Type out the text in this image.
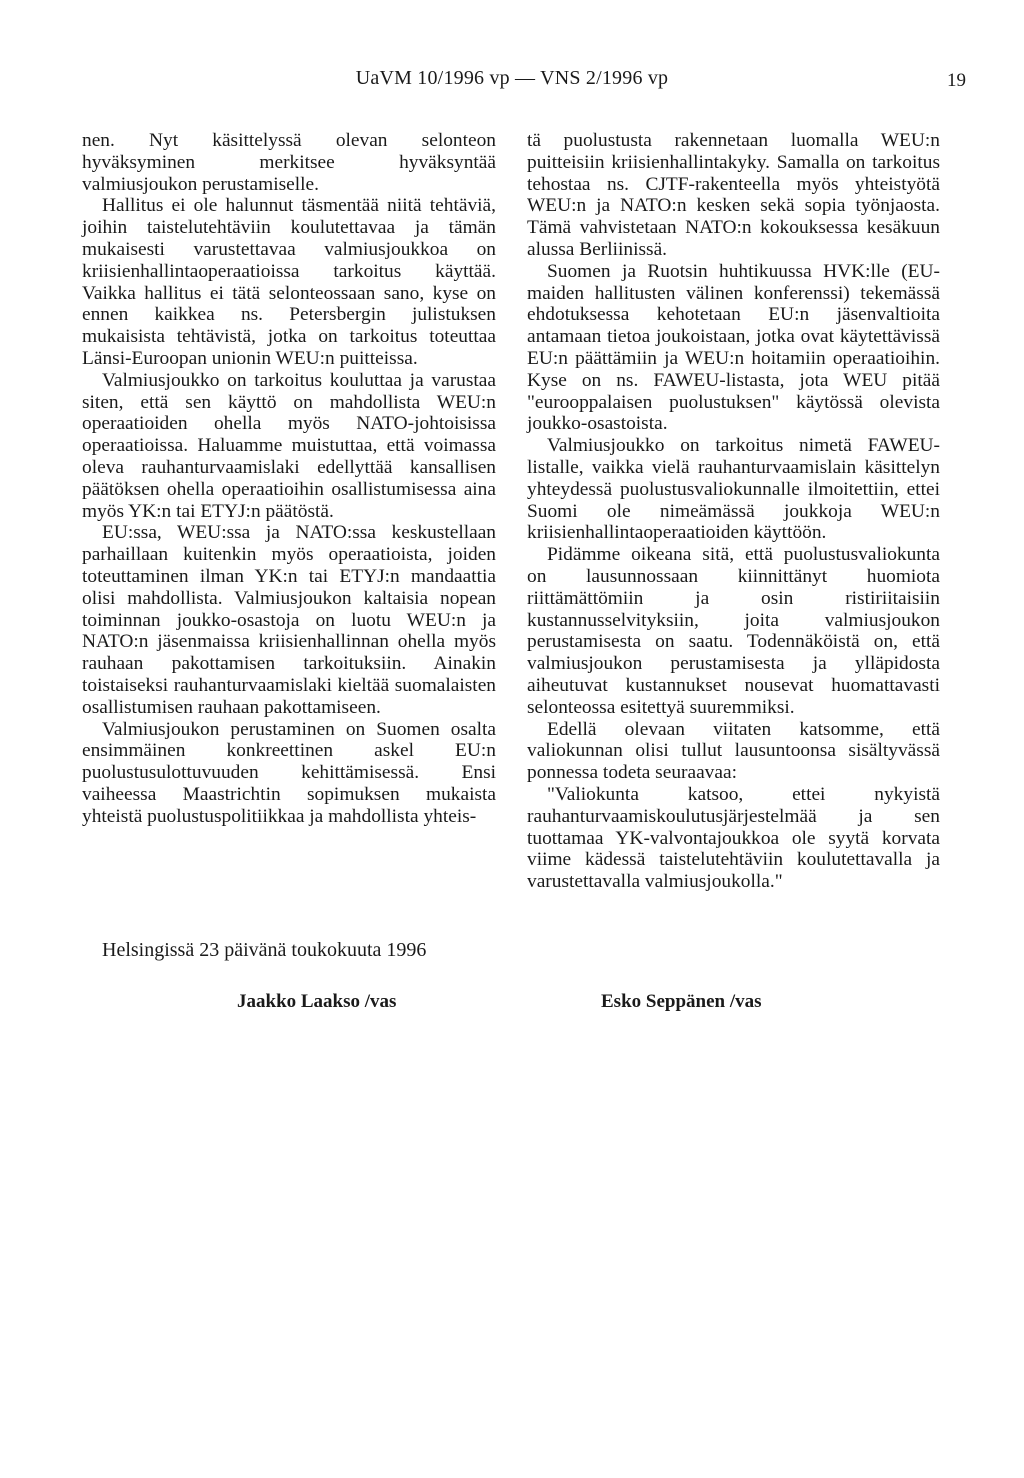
UaVM 10/1996 vp — VNS 2/1996 vp	19

nen. Nyt käsittelyssä olevan selonteon hyväksyminen merkitsee hyväksyntää valmiusjoukon perustamiselle.

Hallitus ei ole halunnut täsmentää niitä tehtäviä, joihin taistelutehtäviin koulutettavaa ja tämän mukaisesti varustettavaa valmiusjoukkoa on kriisienhallintaoperaatioissa tarkoitus käyttää. Vaikka hallitus ei tätä selonteossaan sano, kyse on ennen kaikkea ns. Petersbergin julistuksen mukaisista tehtävistä, jotka on tarkoitus toteuttaa Länsi-Euroopan unionin WEU:n puitteissa.

Valmiusjoukko on tarkoitus kouluttaa ja varustaa siten, että sen käyttö on mahdollista WEU:n operaatioiden ohella myös NATO-johtoisissa operaatioissa. Haluamme muistuttaa, että voimassa oleva rauhanturvaamislaki edellyttää kansallisen päätöksen ohella operaatioihin osallistumisessa aina myös YK:n tai ETYJ:n päätöstä.

EU:ssa, WEU:ssa ja NATO:ssa keskustellaan parhaillaan kuitenkin myös operaatioista, joiden toteuttaminen ilman YK:n tai ETYJ:n mandaattia olisi mahdollista. Valmiusjoukon kaltaisia nopean toiminnan joukko-osastoja on luotu WEU:n ja NATO:n jäsenmaissa kriisienhallinnan ohella myös rauhaan pakottamisen tarkoituksiin. Ainakin toistaiseksi rauhanturvaamislaki kieltää suomalaisten osallistumisen rauhaan pakottamiseen.

Valmiusjoukon perustaminen on Suomen osalta ensimmäinen konkreettinen askel EU:n puolustusulottuvuuden kehittämisessä. Ensi vaiheessa Maastrichtin sopimuksen mukaista yhteistä puolustuspolitiikkaa ja mahdollista yhteis-

tä puolustusta rakennetaan luomalla WEU:n puitteisiin kriisienhallintakyky. Samalla on tarkoitus tehostaa ns. CJTF-rakenteella myös yhteistyötä WEU:n ja NATO:n kesken sekä sopia työnjaosta. Tämä vahvistetaan NATO:n kokouksessa kesäkuun alussa Berliinissä.

Suomen ja Ruotsin huhtikuussa HVK:lle (EU-maiden hallitusten välinen konferenssi) tekemässä ehdotuksessa kehotetaan EU:n jäsenvaltioita antamaan tietoa joukoistaan, jotka ovat käytettävissä EU:n päättämiin ja WEU:n hoitamiin operaatioihin. Kyse on ns. FAWEU-listasta, jota WEU pitää "eurooppalaisen puolustuksen" käytössä olevista joukko-osastoista.

Valmiusjoukko on tarkoitus nimetä FAWEU-listalle, vaikka vielä rauhanturvaamislain käsittelyn yhteydessä puolustusvaliokunnalle ilmoitettiin, ettei Suomi ole nimeämässä joukkoja WEU:n kriisienhallintaoperaatioiden käyttöön.

Pidämme oikeana sitä, että puolustusvaliokunta on lausunnossaan kiinnittänyt huomiota riittämättömiin ja osin ristiriitaisiin kustannusselvityksiin, joita valmiusjoukon perustamisesta on saatu. Todennäköistä on, että valmiusjoukon perustamisesta ja ylläpidosta aiheutuvat kustannukset nousevat huomattavasti selonteossa esitettyä suuremmiksi.

Edellä olevaan viitaten katsomme, että valiokunnan olisi tullut lausuntoonsa sisältyvässä ponnessa todeta seuraavaa:

"Valiokunta katsoo, ettei nykyistä rauhanturvaamiskoulutusjärjestelmää ja sen tuottamaa YK-valvontajoukkoa ole syytä korvata viime kädessä taistelutehtäviin koulutettavalla ja varustettavalla valmiusjoukolla."

Helsingissä 23 päivänä toukokuuta 1996
Jaakko Laakso /vas	Esko Seppänen /vas
